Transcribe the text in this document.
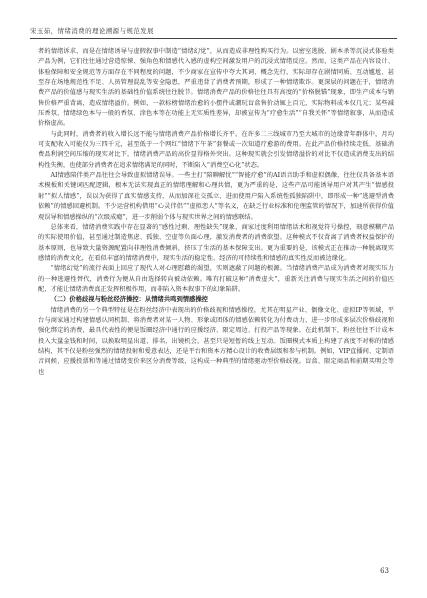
宋玉茹，情绪消费的理论溯源与规范发展

者的情绪诉求，而是在情绪诱导与虚假叙事中制造“情绪幻觉”，从而造成非理性购买行为。以密室逃脱、剧本杀等沉浸式体验类产品为例，它们往往通过营造惊悚、强角色和情感代入感的虚构空间激发用户的沉浸式情绪反应。然而，这类产品在内容设计、体验保障和安全规范等方面存在不同程度的问题，不少商家在宣传中夸大其词、概念先行，实际却存在剧情同质、互动尴尬、甚至存在场地规范性不足、人员管理混乱等安全隐患，严重违背了消费者预期，形成了一种情绪欺诈。更深层的问题在于，情绪消费产品的价值感与现实生活的基础性价值系统往往脱节。情绪消费产品的价格往往具有高度的“价格脱锚”现象，即生产成本与销售价格严重背离，造成情绪溢价。例如，一款标榜情绪治愈的小摆件或潮玩盲盒售价动辄上百元，实际物料成本仅几元；某些减压香氛、情绪绿色本与一般的香氛、涂色本等在功能上无实质性差异，却被宣传为“疗愈生活”“自我关怀”等情绪叙事，从而造成价格虚高。

与此同时，消费者的收入增长远不能与情绪消费产品价格增长齐平。在许多二三线城市乃至大城市的边缘青年群体中，月均可支配收入可能仅为三四千元，甚至低于一个网红“情绪下午茶”套餐或一次知道疗愈游的费用。在此产品价格持续走低、基础消费品利润空间压缩的现实对比下，情绪消费产品的高价显得格外突出。这种现实就会引发情绪溢价的对比不仅造成消费支出的结构性失衡，也使部分消费者在追求情绪满足的同时，不断陷入“消费空心化”状态。

AI情感陪伴类产品往往会导致虚拟情绪误导。一些主打“陪聊解忧”“智能疗愈”的AI语音助手和虚拟偶像，往往仅具备基本语术模板和关键词匹配逻辑，根本无法实现真正的情绪理解和心理共情，更为严重的是，这些产品可能诱导用户对其产生“情感投射”“拟人情感”，误以为获得了真实情感支持，从而加深社交孤立、进而使用户陷入系统性孤独陷阱中，即形成一种“逃避型消费依赖”的情感回避机制。不少运营机构借用“心灵伴侣”“虚拟恋人”等名义，在缺乏行业标准和伦理监管的情况下，加速所获得价值观误导和情感操纵的“次级成瘾”，进一步削弱个体与现实世界之间的情感联结。

总体来看，情绪消费实践中存在显著的“感性过剩、理性缺失”现象，商家过度利用情绪话术和视觉符号操控，刻意模糊产品的实际使用价值，甚至通过制造焦虑、孤独、空虚等负面心理，激发消费者的消费欲望。这种模式不仅背离了消费者权益保护的基本原则，也导致大量资源配置向非理性消费倾斜，挤压了生活的基本保障支出。更为重要的是，该模式正在推动一种脱离现实感情的消费文化，在看似丰富的情绪消费中，现实生活的稳定性、经济的可持续性和情感的真实性反而被边缘化。

“情绪幻觉”的流行表面上回应了现代人对心理慰藉的渴望，实则遮蔽了问题的根源。当情绪消费产品成为消费者对现实压力的一种逃避性替代，消费行为便从自由选择转向被动依赖。唯有打破这种“消费虚火”，重新关注消费与现实生活之间的价值匹配，才能让情绪消费真正发挥积极作用，而非陷入资本叙事下的幻象陷阱。

（二）价格歧视与粉丝经济操控：从情绪共鸣到情感操控

情绪消费的另一个典型特征是在粉丝经济中表现出的价格歧视和情感操控，尤其在明星产业、偶像文化、虚拟IP等领域，平台与商家通过构建情感认同机制、将消费者对某一人物、形象或团体的情感依赖转化为付费动力，进一步形成多层次价格歧视和强化绑定的消费，最具代表性的便是饭圈经济中通行的应援经济、限定周边、打投产品等现象。在此机制下，粉丝往往不计成本投入大量金钱和时间，以换取明星出道、排名、出镜机会，甚至只是短暂的线上互动。饭圈模式本质上构建了高度不对称的情感结构，其不仅是粉丝强烈的情绪投射和爱意表达，还是平台和资本方精心设计的收费层级和参与机制。例如，VIP直播间、定制语音问候、应援投票和等通过情绪变价来区分消费等级，这构成一种典型的情绪驱动型价格歧视。盲盒、限定商品和前期买明会等也

63
